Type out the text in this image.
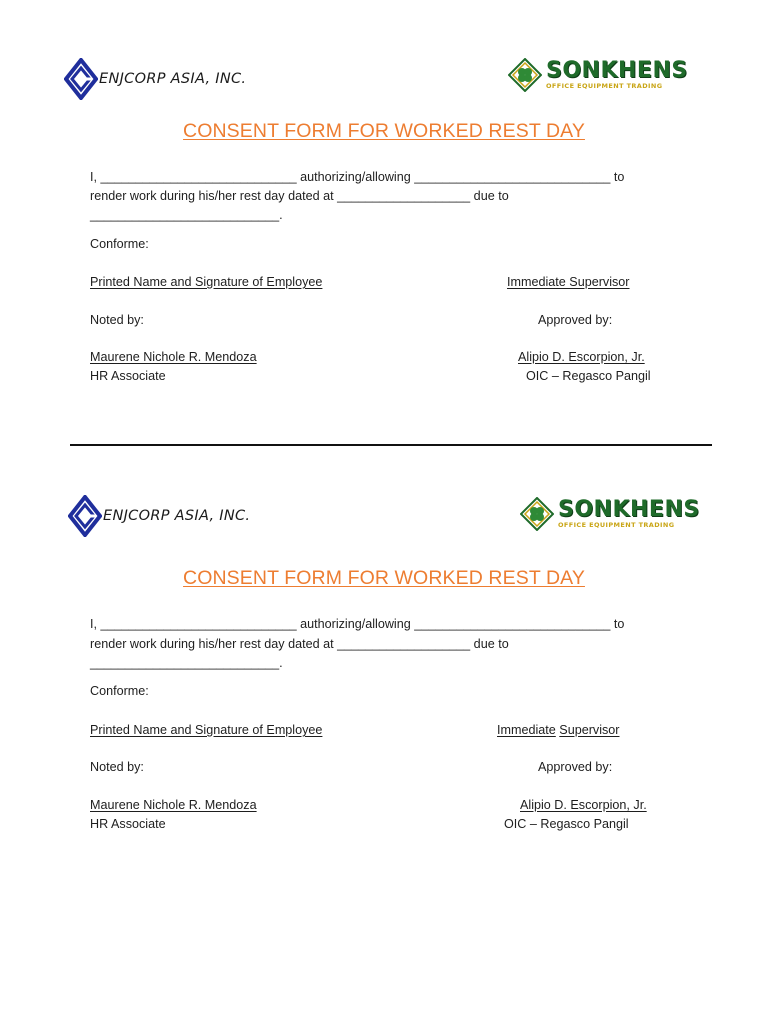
ENJCORP ASIA, INC.	SONKHENS
OFFICE EQUIPMENT TRADING
CONSENT FORM FOR WORKED REST DAY
I, ____________________________ authorizing/allowing ____________________________ to
render work during his/her rest day dated at ___________________ due to
___________________________.
Conforme:
Printed Name and Signature of Employee	Immediate Supervisor
Noted by:	Approved by:
Maurene Nichole R. Mendoza
HR Associate
Alipio D. Escorpion, Jr.
OIC – Regasco Pangil
ENJCORP ASIA, INC.	SONKHENS
OFFICE EQUIPMENT TRADING
CONSENT FORM FOR WORKED REST DAY
I, ____________________________ authorizing/allowing ____________________________ to
render work during his/her rest day dated at ___________________ due to
___________________________.
Conforme:
Printed Name and Signature of Employee	Immediate Supervisor
Noted by:	Approved by:
Maurene Nichole R. Mendoza
HR Associate
Alipio D. Escorpion, Jr.
OIC – Regasco Pangil
